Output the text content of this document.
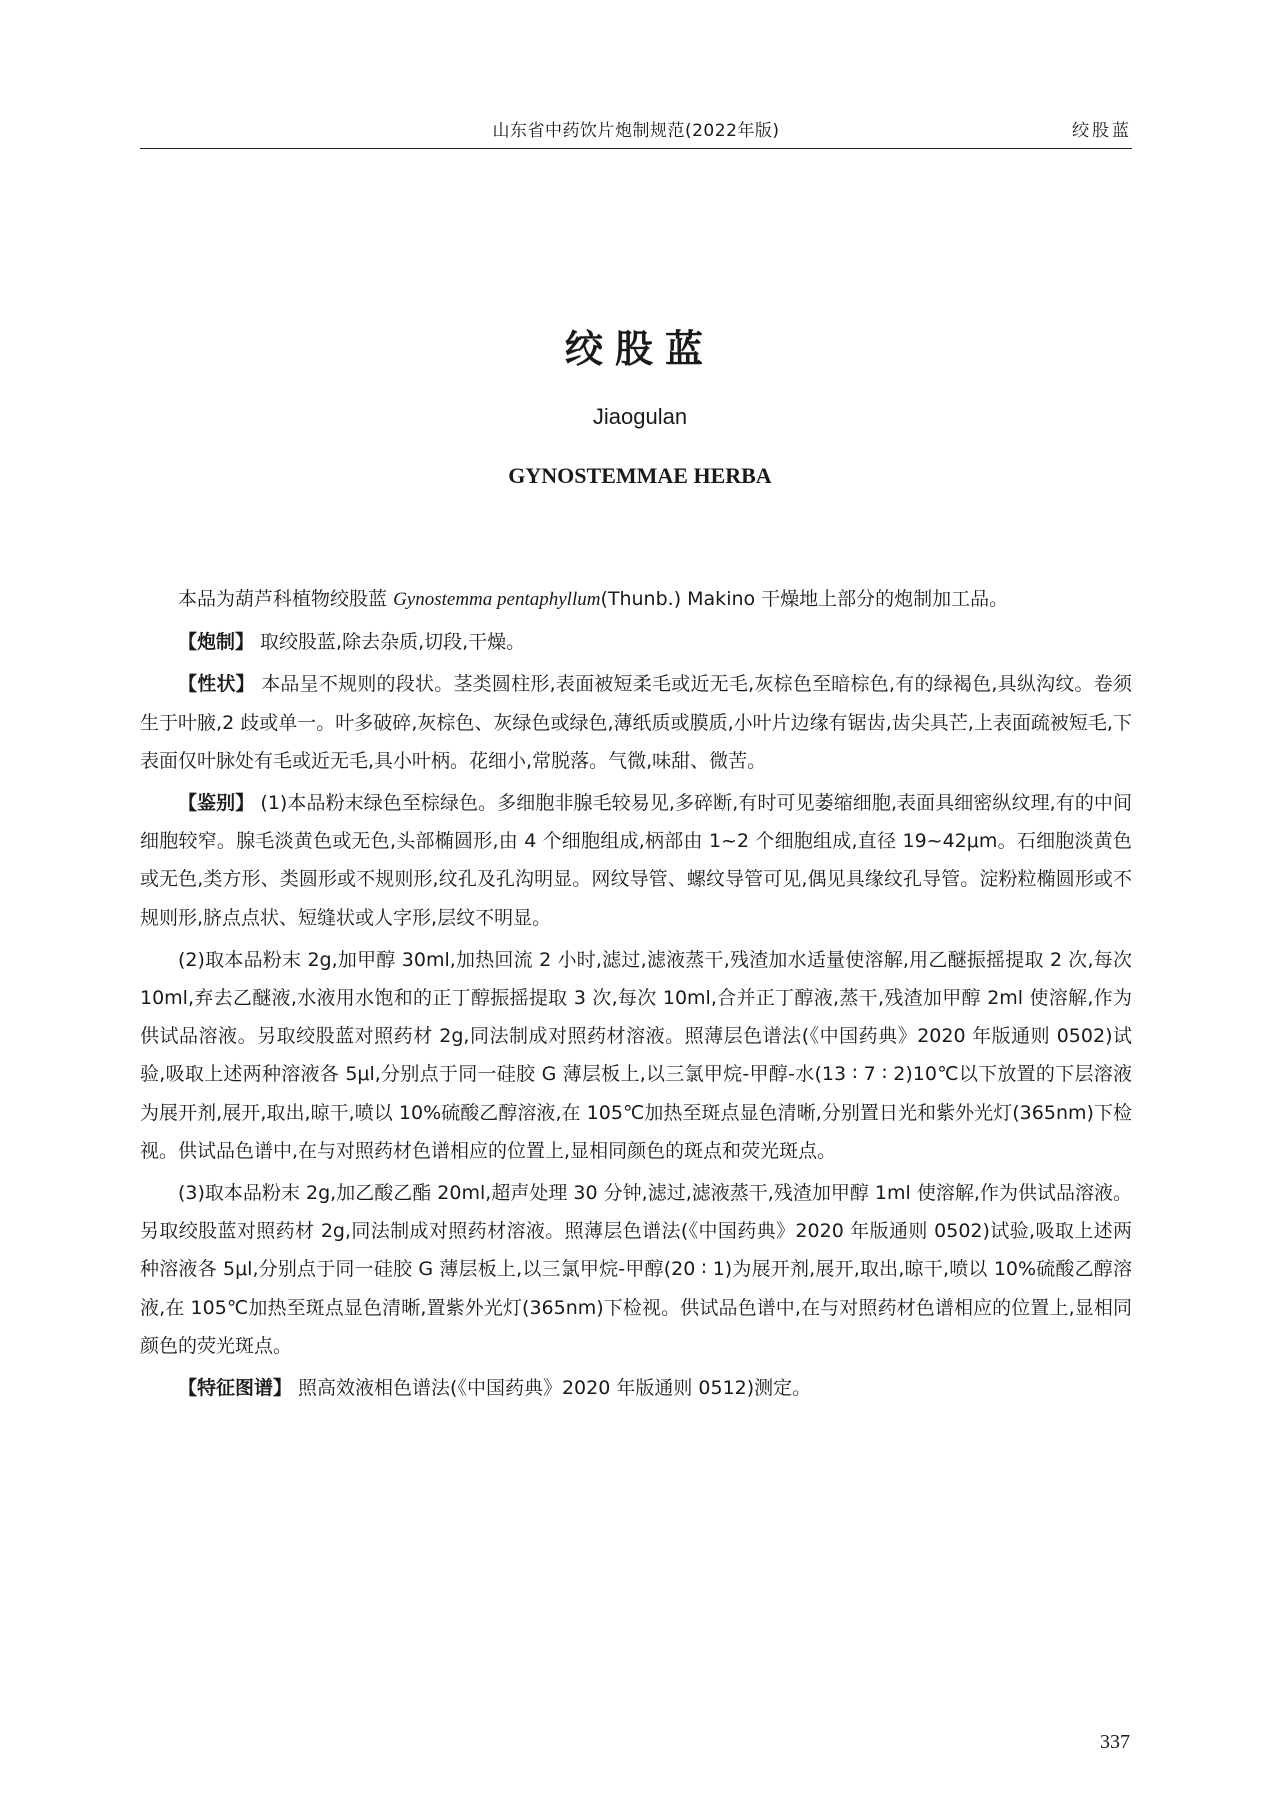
山东省中药饮片炮制规范(2022年版)	绞股蓝
绞股蓝
Jiaogulan
GYNOSTEMMAE HERBA

本品为葫芦科植物绞股蓝 Gynostemma pentaphyllum(Thunb.) Makino 干燥地上部分的炮制加工品。

【炮制】 取绞股蓝,除去杂质,切段,干燥。

【性状】 本品呈不规则的段状。茎类圆柱形,表面被短柔毛或近无毛,灰棕色至暗棕色,有的绿褐色,具纵沟纹。卷须生于叶腋,2 歧或单一。叶多破碎,灰棕色、灰绿色或绿色,薄纸质或膜质,小叶片边缘有锯齿,齿尖具芒,上表面疏被短毛,下表面仅叶脉处有毛或近无毛,具小叶柄。花细小,常脱落。气微,味甜、微苦。

【鉴别】 (1)本品粉末绿色至棕绿色。多细胞非腺毛较易见,多碎断,有时可见萎缩细胞,表面具细密纵纹理,有的中间细胞较窄。腺毛淡黄色或无色,头部椭圆形,由 4 个细胞组成,柄部由 1~2 个细胞组成,直径 19~42μm。石细胞淡黄色或无色,类方形、类圆形或不规则形,纹孔及孔沟明显。网纹导管、螺纹导管可见,偶见具缘纹孔导管。淀粉粒椭圆形或不规则形,脐点点状、短缝状或人字形,层纹不明显。

(2)取本品粉末 2g,加甲醇 30ml,加热回流 2 小时,滤过,滤液蒸干,残渣加水适量使溶解,用乙醚振摇提取 2 次,每次 10ml,弃去乙醚液,水液用水饱和的正丁醇振摇提取 3 次,每次 10ml,合并正丁醇液,蒸干,残渣加甲醇 2ml 使溶解,作为供试品溶液。另取绞股蓝对照药材 2g,同法制成对照药材溶液。照薄层色谱法(《中国药典》2020 年版通则 0502)试验,吸取上述两种溶液各 5μl,分别点于同一硅胶 G 薄层板上,以三氯甲烷-甲醇-水(13 ∶ 7 ∶ 2)10℃以下放置的下层溶液为展开剂,展开,取出,晾干,喷以 10%硫酸乙醇溶液,在 105℃加热至斑点显色清晰,分别置日光和紫外光灯(365nm)下检视。供试品色谱中,在与对照药材色谱相应的位置上,显相同颜色的斑点和荧光斑点。

(3)取本品粉末 2g,加乙酸乙酯 20ml,超声处理 30 分钟,滤过,滤液蒸干,残渣加甲醇 1ml 使溶解,作为供试品溶液。另取绞股蓝对照药材 2g,同法制成对照药材溶液。照薄层色谱法(《中国药典》2020 年版通则 0502)试验,吸取上述两种溶液各 5μl,分别点于同一硅胶 G 薄层板上,以三氯甲烷-甲醇(20 ∶ 1)为展开剂,展开,取出,晾干,喷以 10%硫酸乙醇溶液,在 105℃加热至斑点显色清晰,置紫外光灯(365nm)下检视。供试品色谱中,在与对照药材色谱相应的位置上,显相同颜色的荧光斑点。

【特征图谱】 照高效液相色谱法(《中国药典》2020 年版通则 0512)测定。

337
